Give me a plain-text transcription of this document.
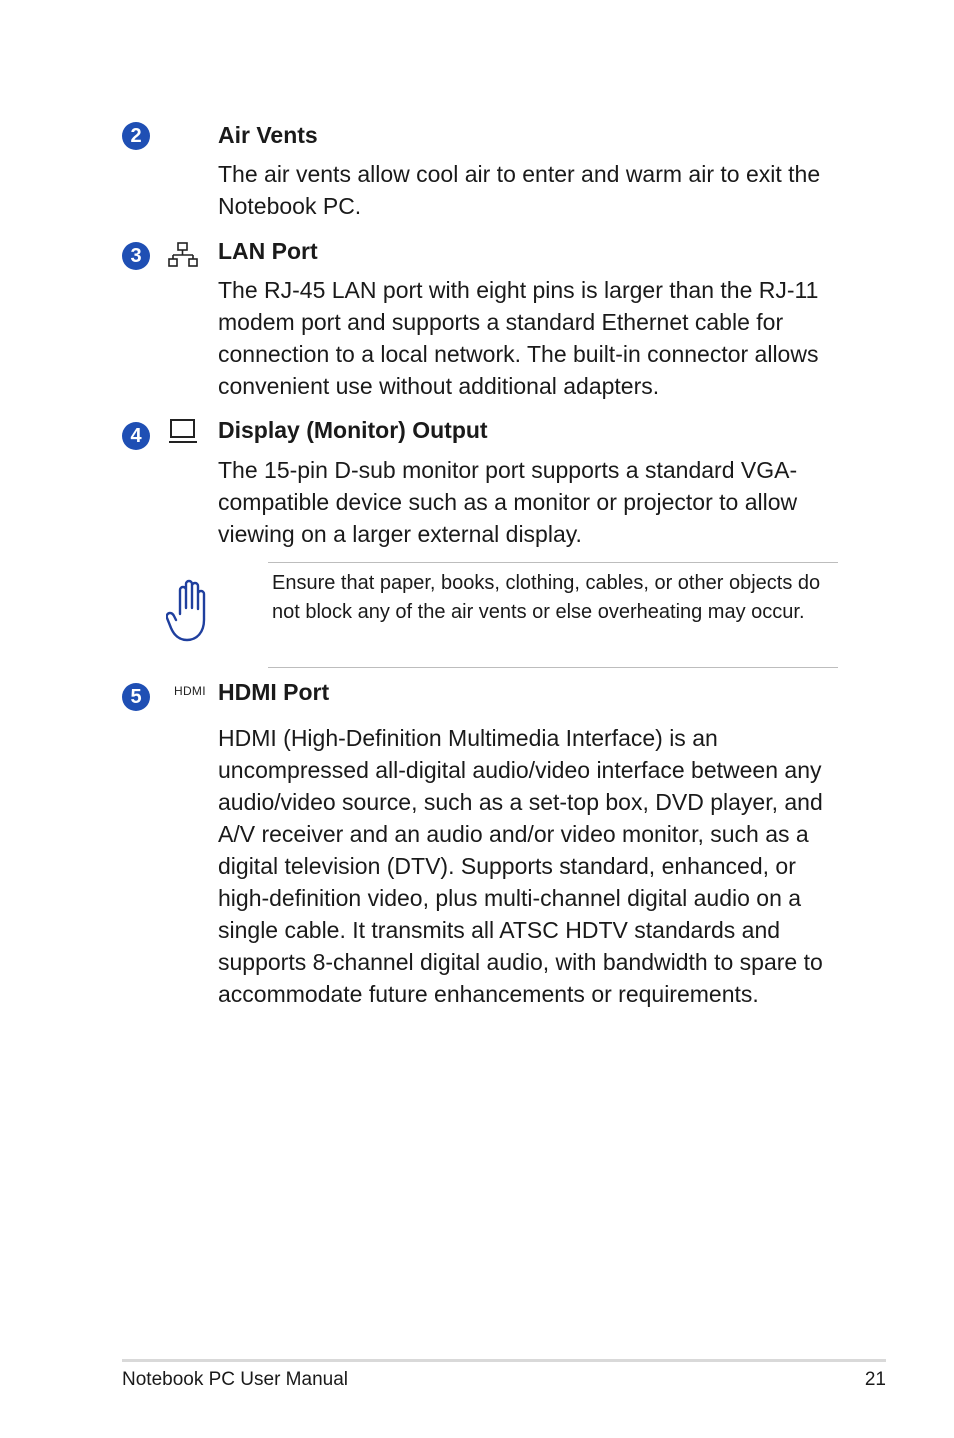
2	Air Vents

The air vents allow cool air to enter and warm air to exit the Notebook PC.

3	LAN Port

The RJ-45 LAN port with eight pins is larger than the RJ-11 modem port and supports a standard Ethernet cable for connection to a local network. The built-in connector allows convenient use without additional adapters.

4	Display (Monitor) Output

The 15-pin D-sub monitor port supports a standard VGA-compatible device such as a monitor or projector to allow viewing on a larger external display.

Ensure that paper, books, clothing, cables, or other objects do not block any of the air vents or else overheating may occur.

5	HDMI HDMI Port

HDMI (High-Definition Multimedia Interface) is an uncompressed all-digital audio/video interface between any audio/video source, such as a set-top box, DVD player, and A/V receiver and an audio and/or video monitor, such as a digital television (DTV). Supports standard, enhanced, or high-definition video, plus multi-channel digital audio on a single cable. It transmits all ATSC HDTV standards and supports 8-channel digital audio, with bandwidth to spare to accommodate future enhancements or requirements.

Notebook PC User Manual	21
